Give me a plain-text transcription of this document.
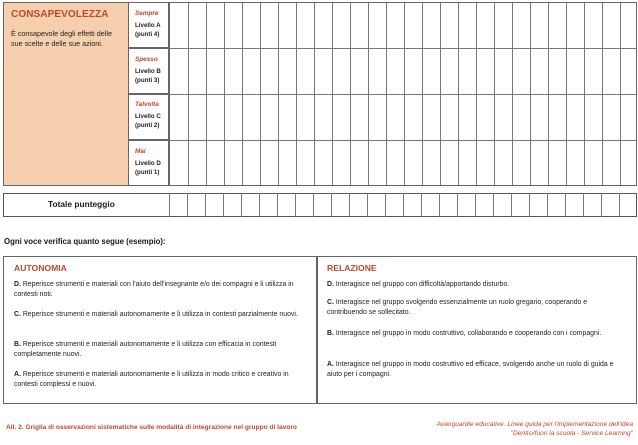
CONSAPEVOLEZZA
È consapevole degli effetti delle sue scelte e delle sue azioni.
Sempre
Livello A
(punti 4)
Spesso
Livello B
(punti 3)
Talvolta
Livello C
(punti 2)
Mai
Livello D
(punti 1)
Totale punteggio
Ogni voce verifica quanto segue (esempio):
AUTONOMIA
D. Reperisce strumenti e materiali con l'aiuto dell'insegnante e/o dei compagni e li utilizza in contesti noti.
C. Reperisce strumenti e materiali autonomamente e li utilizza in contesti parzialmente nuovi.
B. Reperisce strumenti e materiali autonomamente e li utilizza con efficacia in contesti completamente nuovi.
A. Reperisce strumenti e materiali autonomamente e li utilizza in modo critico e creativo in contesti complessi e nuovi.
RELAZIONE
D. Interagisce nel gruppo con difficoltà/apportando disturbo.
C. Interagisce nel gruppo svolgendo essenzialmente un ruolo gregario, cooperando e contribuendo se sollecitato.
B. Interagisce nel gruppo in modo costruttivo, collaborando e cooperando con i compagni.
A. Interagisce nel gruppo in modo costruttivo ed efficace, svolgendo anche un ruolo di guida e aiuto per i compagni.
All. 2. Griglia di osservazioni sistematiche sulle modalità di integrazione nel gruppo di lavoro	Avanguardie educative. Linee guida per l'implementazione dell'idea
"Dentro/fuori la scuola - Service Learning"
